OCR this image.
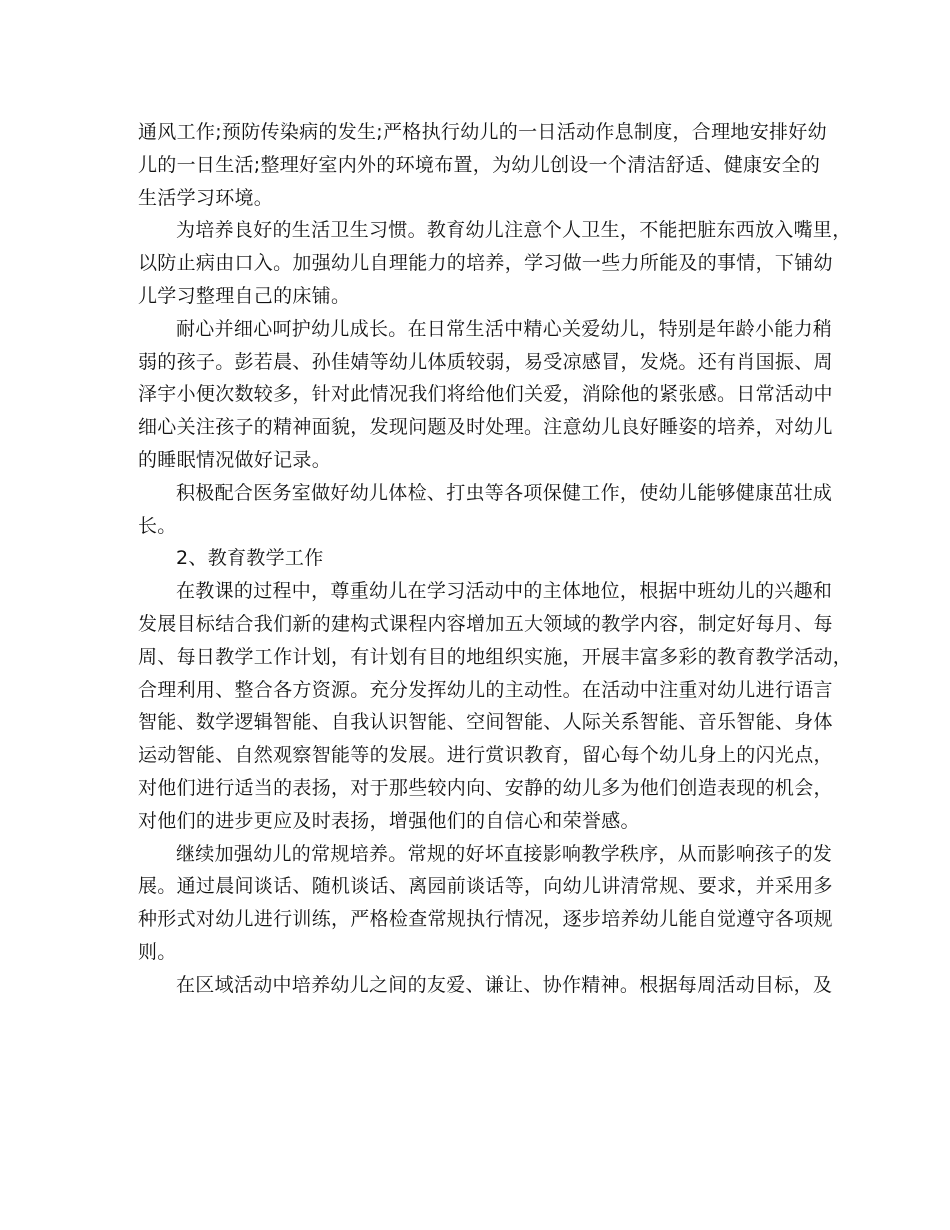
通风工作;预防传染病的发生;严格执行幼儿的一日活动作息制度，合理地安排好幼
儿的一日生活;整理好室内外的环境布置，为幼儿创设一个清洁舒适、健康安全的
生活学习环境。
为培养良好的生活卫生习惯。教育幼儿注意个人卫生，不能把脏东西放入嘴里，
以防止病由口入。加强幼儿自理能力的培养，学习做一些力所能及的事情，下铺幼
儿学习整理自己的床铺。
耐心并细心呵护幼儿成长。在日常生活中精心关爱幼儿，特别是年龄小能力稍
弱的孩子。彭若晨、孙佳婧等幼儿体质较弱，易受凉感冒，发烧。还有肖国振、周
泽宇小便次数较多，针对此情况我们将给他们关爱，消除他的紧张感。日常活动中
细心关注孩子的精神面貌，发现问题及时处理。注意幼儿良好睡姿的培养，对幼儿
的睡眠情况做好记录。
积极配合医务室做好幼儿体检、打虫等各项保健工作，使幼儿能够健康茁壮成
长。
2、教育教学工作
在教课的过程中，尊重幼儿在学习活动中的主体地位，根据中班幼儿的兴趣和
发展目标结合我们新的建构式课程内容增加五大领域的教学内容，制定好每月、每
周、每日教学工作计划，有计划有目的地组织实施，开展丰富多彩的教育教学活动，
合理利用、整合各方资源。充分发挥幼儿的主动性。在活动中注重对幼儿进行语言
智能、数学逻辑智能、自我认识智能、空间智能、人际关系智能、音乐智能、身体
运动智能、自然观察智能等的发展。进行赏识教育，留心每个幼儿身上的闪光点，
对他们进行适当的表扬，对于那些较内向、安静的幼儿多为他们创造表现的机会，
对他们的进步更应及时表扬，增强他们的自信心和荣誉感。
继续加强幼儿的常规培养。常规的好坏直接影响教学秩序，从而影响孩子的发
展。通过晨间谈话、随机谈话、离园前谈话等，向幼儿讲清常规、要求，并采用多
种形式对幼儿进行训练，严格检查常规执行情况，逐步培养幼儿能自觉遵守各项规
则。
在区域活动中培养幼儿之间的友爱、谦让、协作精神。根据每周活动目标，及
